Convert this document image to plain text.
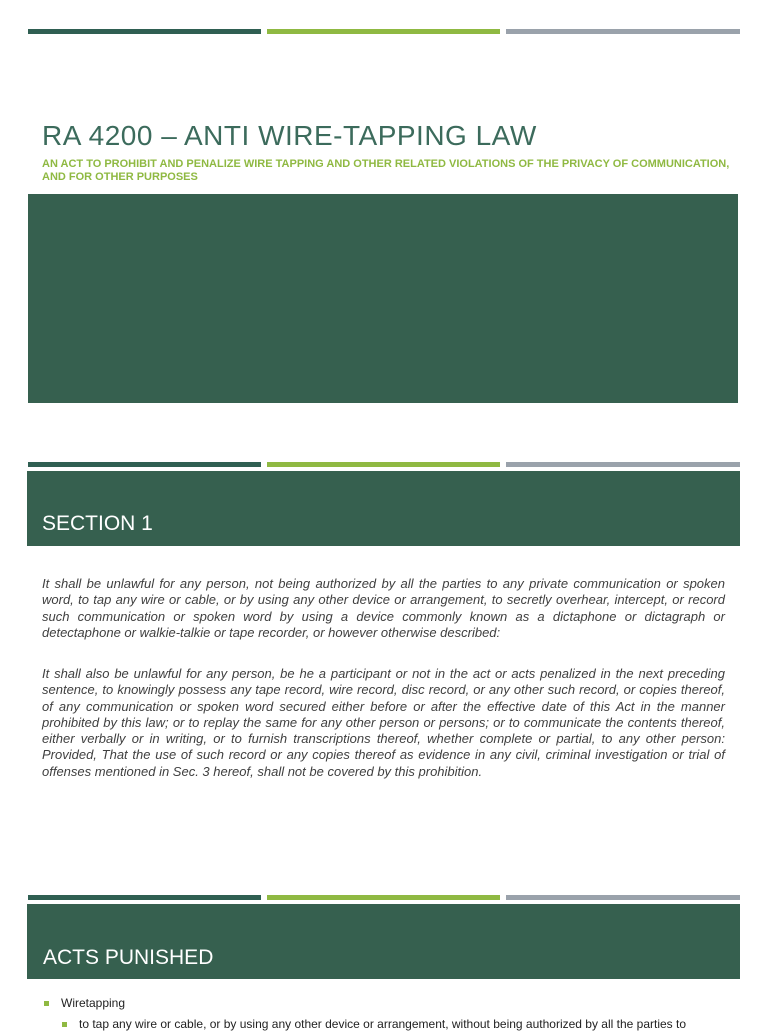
RA 4200 – ANTI WIRE-TAPPING LAW

AN ACT TO PROHIBIT AND PENALIZE WIRE TAPPING AND OTHER RELATED VIOLATIONS OF THE PRIVACY OF COMMUNICATION, AND FOR OTHER PURPOSES

SECTION 1

It shall be unlawful for any person, not being authorized by all the parties to any private communication or spoken word, to tap any wire or cable, or by using any other device or arrangement, to secretly overhear, intercept, or record such communication or spoken word by using a device commonly known as a dictaphone or dictagraph or detectaphone or walkie-talkie or tape recorder, or however otherwise described:

It shall also be unlawful for any person, be he a participant or not in the act or acts penalized in the next preceding sentence, to knowingly possess any tape record, wire record, disc record, or any other such record, or copies thereof, of any communication or spoken word secured either before or after the effective date of this Act in the manner prohibited by this law; or to replay the same for any other person or persons; or to communicate the contents thereof, either verbally or in writing, or to furnish transcriptions thereof, whether complete or partial, to any other person: Provided, That the use of such record or any copies thereof as evidence in any civil, criminal investigation or trial of offenses mentioned in Sec. 3 hereof, shall not be covered by this prohibition.

ACTS PUNISHED
Wiretapping
to tap any wire or cable, or by using any other device or arrangement, without being authorized by all the parties to
